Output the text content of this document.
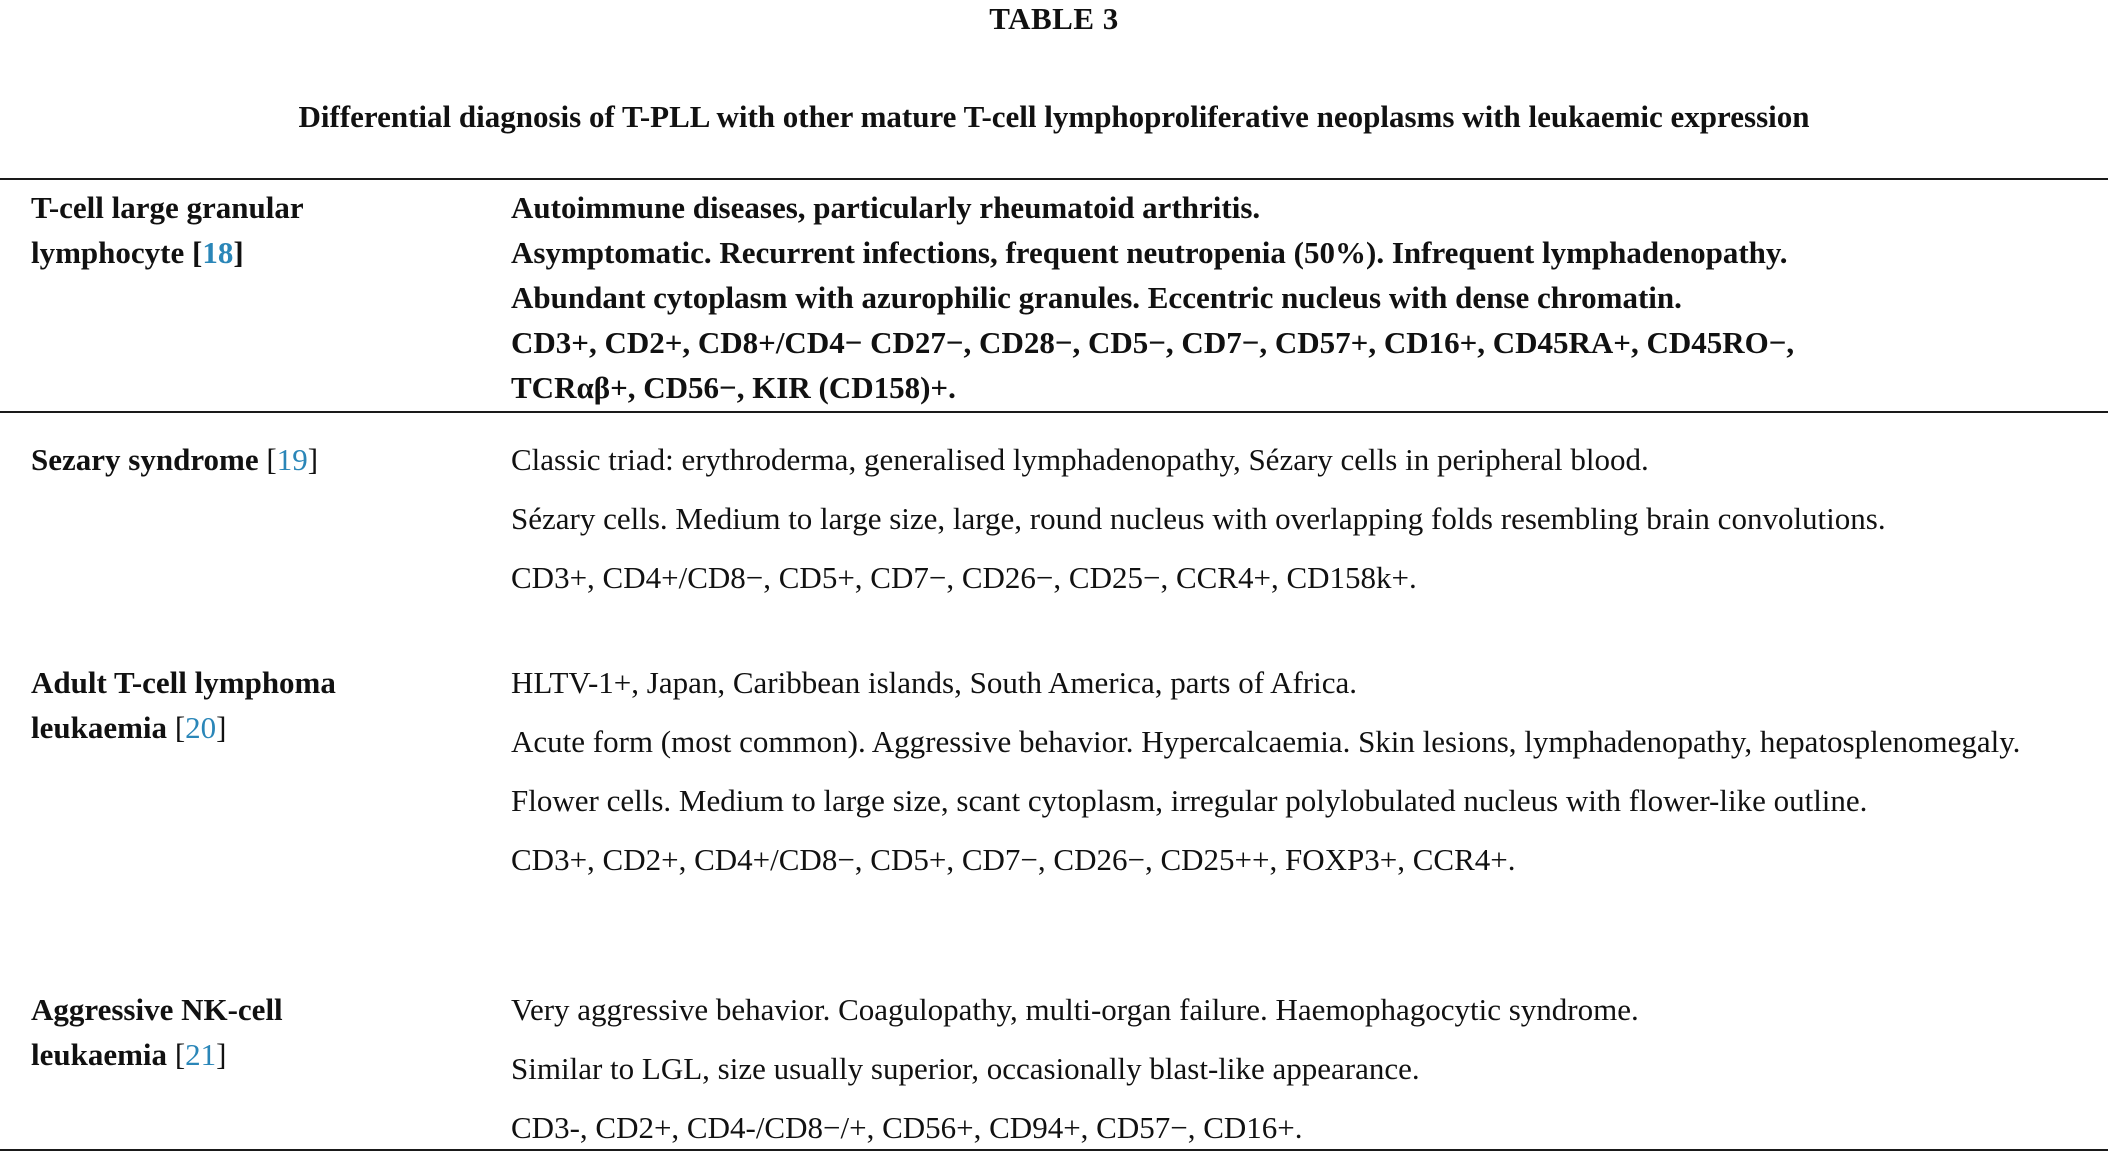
TABLE 3
Differential diagnosis of T-PLL with other mature T-cell lymphoproliferative neoplasms with leukaemic expression
T-cell large granular
lymphocyte [18]
Autoimmune diseases, particularly rheumatoid arthritis.
Asymptomatic. Recurrent infections, frequent neutropenia (50%). Infrequent lymphadenopathy.
Abundant cytoplasm with azurophilic granules. Eccentric nucleus with dense chromatin.
CD3+, CD2+, CD8+/CD4− CD27−, CD28−, CD5−, CD7−, CD57+, CD16+, CD45RA+, CD45RO−,
TCRαβ+, CD56−, KIR (CD158)+.
Sezary syndrome [19]	Classic triad: erythroderma, generalised lymphadenopathy, Sézary cells in peripheral blood.
Sézary cells. Medium to large size, large, round nucleus with overlapping folds resembling brain convolutions.
CD3+, CD4+/CD8−, CD5+, CD7−, CD26−, CD25−, CCR4+, CD158k+.
Adult T-cell lymphoma
leukaemia [20]
HLTV-1+, Japan, Caribbean islands, South America, parts of Africa.
Acute form (most common). Aggressive behavior. Hypercalcaemia. Skin lesions, lymphadenopathy, hepatosplenomegaly.
Flower cells. Medium to large size, scant cytoplasm, irregular polylobulated nucleus with flower-like outline.
CD3+, CD2+, CD4+/CD8−, CD5+, CD7−, CD26−, CD25++, FOXP3+, CCR4+.
Aggressive NK-cell
leukaemia [21]
Very aggressive behavior. Coagulopathy, multi-organ failure. Haemophagocytic syndrome.
Similar to LGL, size usually superior, occasionally blast-like appearance.
CD3-, CD2+, CD4-/CD8−/+, CD56+, CD94+, CD57−, CD16+.
